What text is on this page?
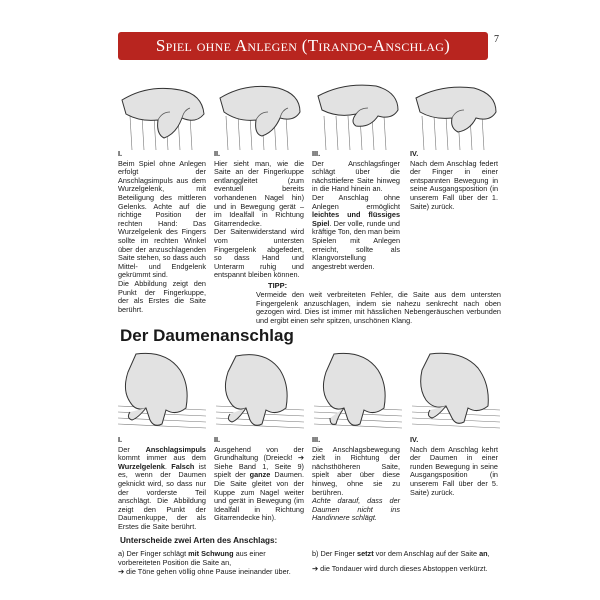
Spiel ohne Anlegen (Tirando-Anschlag)	7
I.
Beim Spiel ohne Anlegen erfolgt der Anschlagsimpuls aus dem Wurzelgelenk, mit Beteiligung des mittleren Gelenks. Achte auf die richtige Position der rechten Hand: Das Wurzelgelenk des Fingers sollte im rechten Winkel über der anzuschlagenden Saite stehen, so dass auch Mittel- und Endgelenk gekrümmt sind.
Die Abbildung zeigt den Punkt der Fingerkuppe, der als Erstes die Saite berührt.
II.
Hier sieht man, wie die Saite an der Fingerkuppe entlanggleitet (zum eventuell bereits vorhandenen Nagel hin) und in Bewegung gerät – im Idealfall in Richtung Gitarrendecke.
Der Saitenwiderstand wird vom untersten Fingergelenk abgefedert, so dass Hand und Unterarm ruhig und entspannt bleiben können.
III.
Der Anschlagsfinger schlägt über die nächsttiefere Saite hinweg in die Hand hinein an.
Der Anschlag ohne Anlegen ermöglicht leichtes und flüssiges Spiel. Der volle, runde und kräftige Ton, den man beim Spielen mit Anlegen erreicht, sollte als Klangvorstellung angestrebt werden.
IV.
Nach dem Anschlag federt der Finger in einer entspannten Bewegung in seine Ausgangsposition (in unserem Fall über der 1. Saite) zurück.
TIPP:
Vermeide den weit verbreiteten Fehler, die Saite aus dem untersten Fingergelenk anzuschlagen, indem sie nahezu senkrecht nach oben gezogen wird. Dies ist immer mit hässlichen Nebengeräuschen verbunden und ergibt einen sehr spitzen, unschönen Klang.
Der Daumenanschlag
I.
Der Anschlagsimpuls kommt immer aus dem Wurzelgelenk. Falsch ist es, wenn der Daumen geknickt wird, so dass nur der vorderste Teil anschlägt. Die Abbildung zeigt den Punkt der Daumenkuppe, der als Erstes die Saite berührt.
II.
Ausgehend von der Grundhaltung (Dreieck! ➔ Siehe Band 1, Seite 9) spielt der ganze Daumen. Die Saite gleitet von der Kuppe zum Nagel weiter und gerät in Bewegung (im Idealfall in Richtung Gitarrendecke hin).
III.
Die Anschlagsbewegung zielt in Richtung der nächsthöheren Saite, spielt aber über diese hinweg, ohne sie zu berühren.
Achte darauf, dass der Daumen nicht ins Handinnere schlägt.
IV.
Nach dem Anschlag kehrt der Daumen in einer runden Bewegung in seine Ausgangsposition (in unserem Fall über der 5. Saite) zurück.
Unterscheide zwei Arten des Anschlags:
a) Der Finger schlägt mit Schwung aus einer vorbereiteten Position die Saite an,
➔ die Töne gehen völlig ohne Pause ineinander über.
b) Der Finger setzt vor dem Anschlag auf der Saite an,
➔ die Tondauer wird durch dieses Abstoppen verkürzt.
